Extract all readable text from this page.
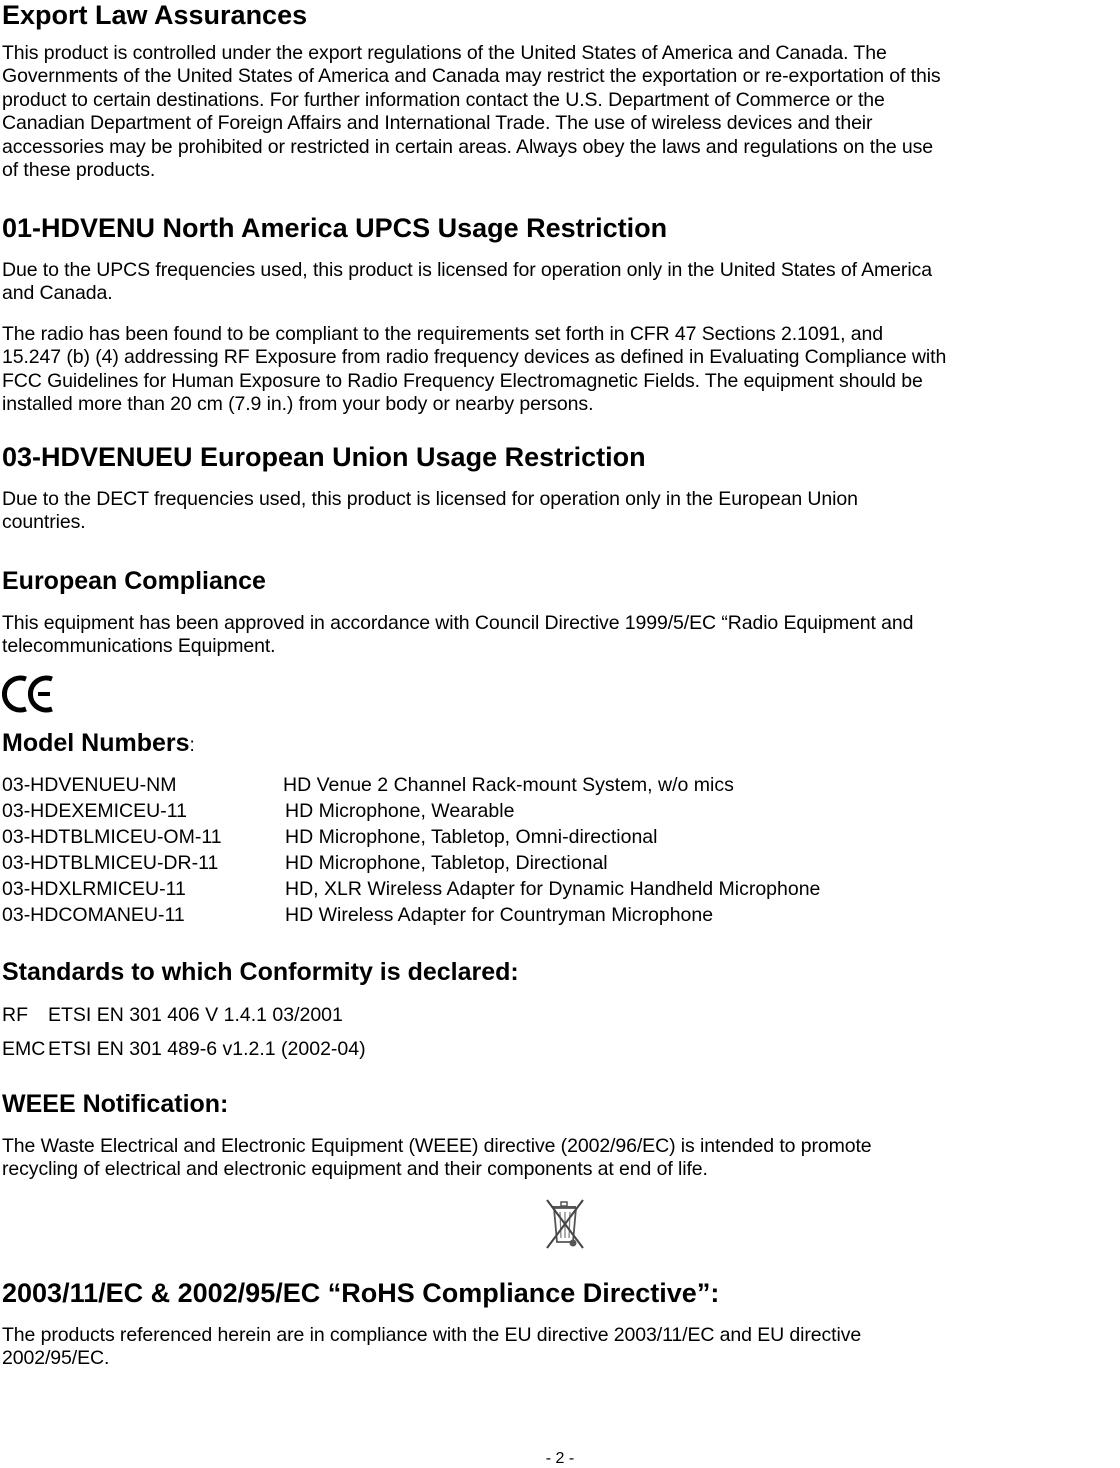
Export Law Assurances

This product is controlled under the export regulations of the United States of America and Canada. The
Governments of the United States of America and Canada may restrict the exportation or re-exportation of this
product to certain destinations. For further information contact the U.S. Department of Commerce or the
Canadian Department of Foreign Affairs and International Trade. The use of wireless devices and their
accessories may be prohibited or restricted in certain areas. Always obey the laws and regulations on the use
of these products.

01-HDVENU North America UPCS Usage Restriction

Due to the UPCS frequencies used, this product is licensed for operation only in the United States of America
and Canada.

The radio has been found to be compliant to the requirements set forth in CFR 47 Sections 2.1091, and
15.247 (b) (4) addressing RF Exposure from radio frequency devices as defined in Evaluating Compliance with
FCC Guidelines for Human Exposure to Radio Frequency Electromagnetic Fields. The equipment should be
installed more than 20 cm (7.9 in.) from your body or nearby persons.

03-HDVENUEU European Union Usage Restriction

Due to the DECT frequencies used, this product is licensed for operation only in the European Union
countries.

European Compliance

This equipment has been approved in accordance with Council Directive 1999/5/EC “Radio Equipment and
telecommunications Equipment.

Model Numbers:
03-HDVENUEU-NM	HD Venue 2 Channel Rack-mount System, w/o mics
03-HDEXEMICEU-11	HD Microphone, Wearable
03-HDTBLMICEU-OM-11	HD Microphone, Tabletop, Omni-directional
03-HDTBLMICEU-DR-11	HD Microphone, Tabletop, Directional
03-HDXLRMICEU-11	HD, XLR Wireless Adapter for Dynamic Handheld Microphone
03-HDCOMANEU-11	HD Wireless Adapter for Countryman Microphone
Standards to which Conformity is declared:
RF ETSI EN 301 406 V 1.4.1 03/2001
EMC ETSI EN 301 489-6 v1.2.1 (2002-04)
WEEE Notification:

The Waste Electrical and Electronic Equipment (WEEE) directive (2002/96/EC) is intended to promote
recycling of electrical and electronic equipment and their components at end of life.

2003/11/EC & 2002/95/EC “RoHS Compliance Directive”:

The products referenced herein are in compliance with the EU directive 2003/11/EC and EU directive
2002/95/EC.

- 2 -
